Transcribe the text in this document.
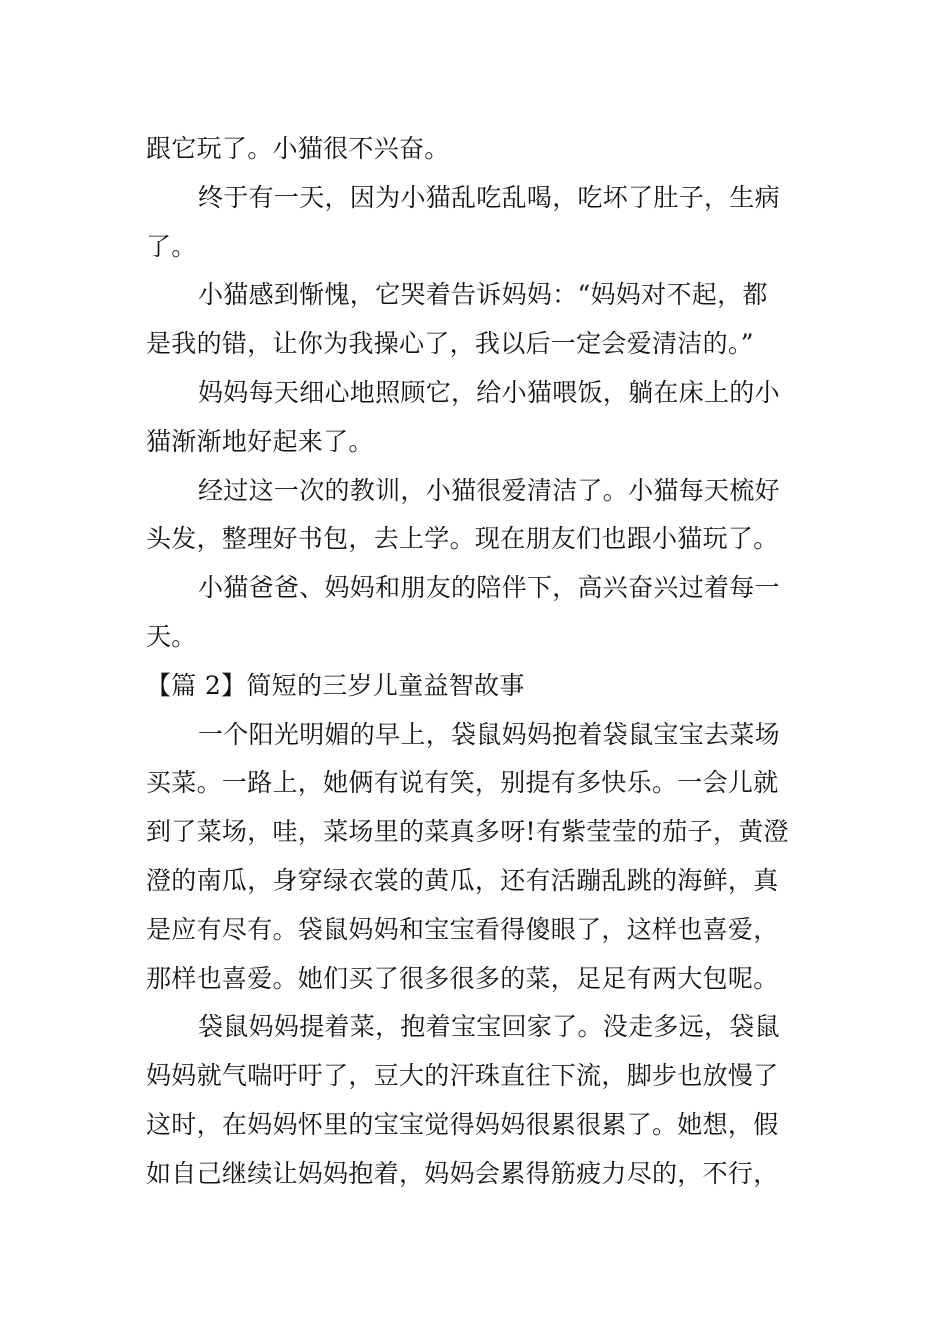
跟它玩了。小猫很不兴奋。
终于有一天，因为小猫乱吃乱喝，吃坏了肚子，生病
了。
小猫感到惭愧，它哭着告诉妈妈：“妈妈对不起，都
是我的错，让你为我操心了，我以后一定会爱清洁的。”
妈妈每天细心地照顾它，给小猫喂饭，躺在床上的小
猫渐渐地好起来了。
经过这一次的教训，小猫很爱清洁了。小猫每天梳好
头发，整理好书包，去上学。现在朋友们也跟小猫玩了。
小猫爸爸、妈妈和朋友的陪伴下，高兴奋兴过着每一
天。
【篇 2】简短的三岁儿童益智故事
一个阳光明媚的早上，袋鼠妈妈抱着袋鼠宝宝去菜场
买菜。一路上，她俩有说有笑，别提有多快乐。一会儿就
到了菜场，哇，菜场里的菜真多呀!有紫莹莹的茄子，黄澄
澄的南瓜，身穿绿衣裳的黄瓜，还有活蹦乱跳的海鲜，真
是应有尽有。袋鼠妈妈和宝宝看得傻眼了，这样也喜爱，
那样也喜爱。她们买了很多很多的菜，足足有两大包呢。
袋鼠妈妈提着菜，抱着宝宝回家了。没走多远，袋鼠
妈妈就气喘吁吁了，豆大的汗珠直往下流，脚步也放慢了
这时，在妈妈怀里的宝宝觉得妈妈很累很累了。她想，假
如自己继续让妈妈抱着，妈妈会累得筋疲力尽的，不行，
